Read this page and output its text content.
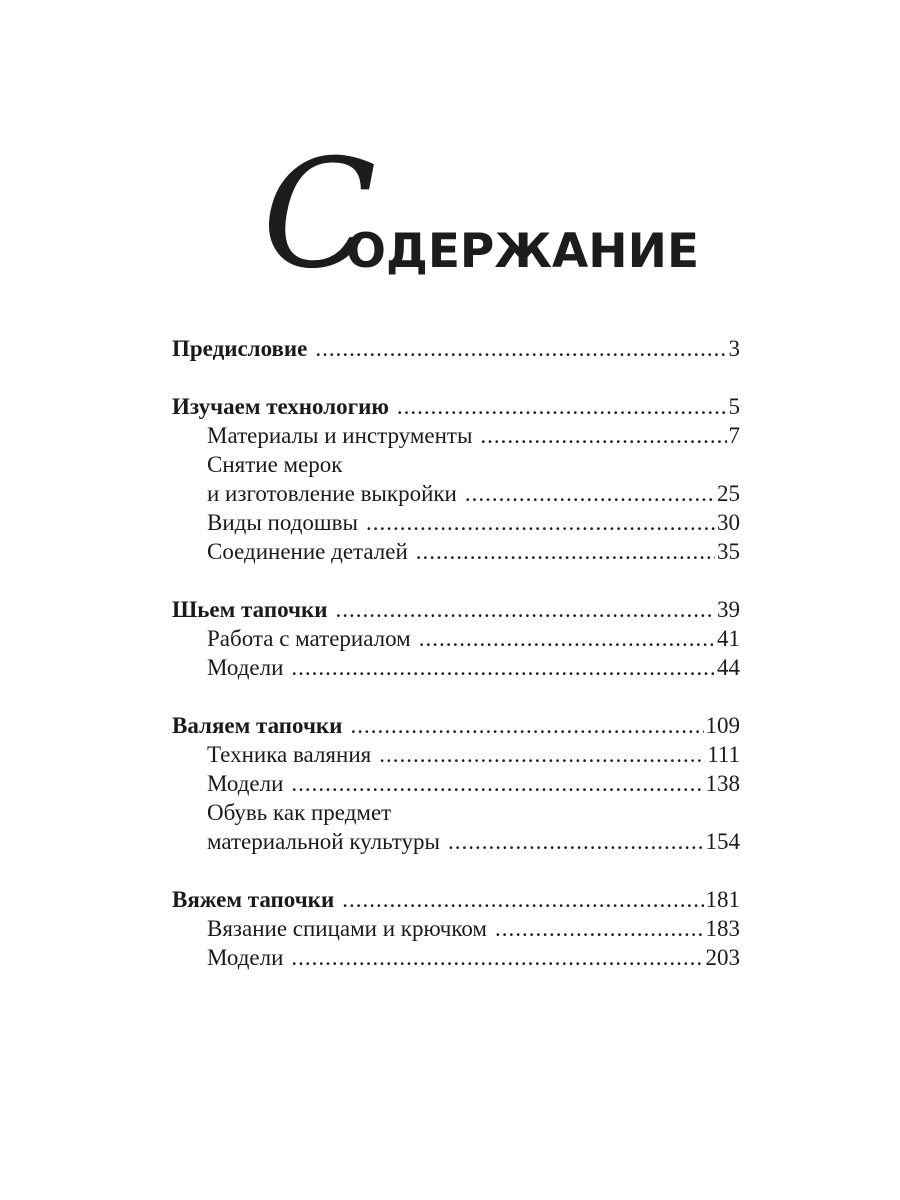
С
ОДЕРЖАНИЕ
Предисловие .....	3
Изучаем технологию .....	5
Материалы и инструменты .....	7
Снятие мерок
и изготовление выкройки .....	25
Виды подошвы .....	30
Соединение деталей .....	35
Шьем тапочки .....	39
Работа с материалом .....	41
Модели .....	44
Валяем тапочки .....	109
Техника валяния .....	111
Модели .....	138
Обувь как предмет
материальной культуры .....	154
Вяжем тапочки .....	181
Вязание спицами и крючком .....	183
Модели .....	203
